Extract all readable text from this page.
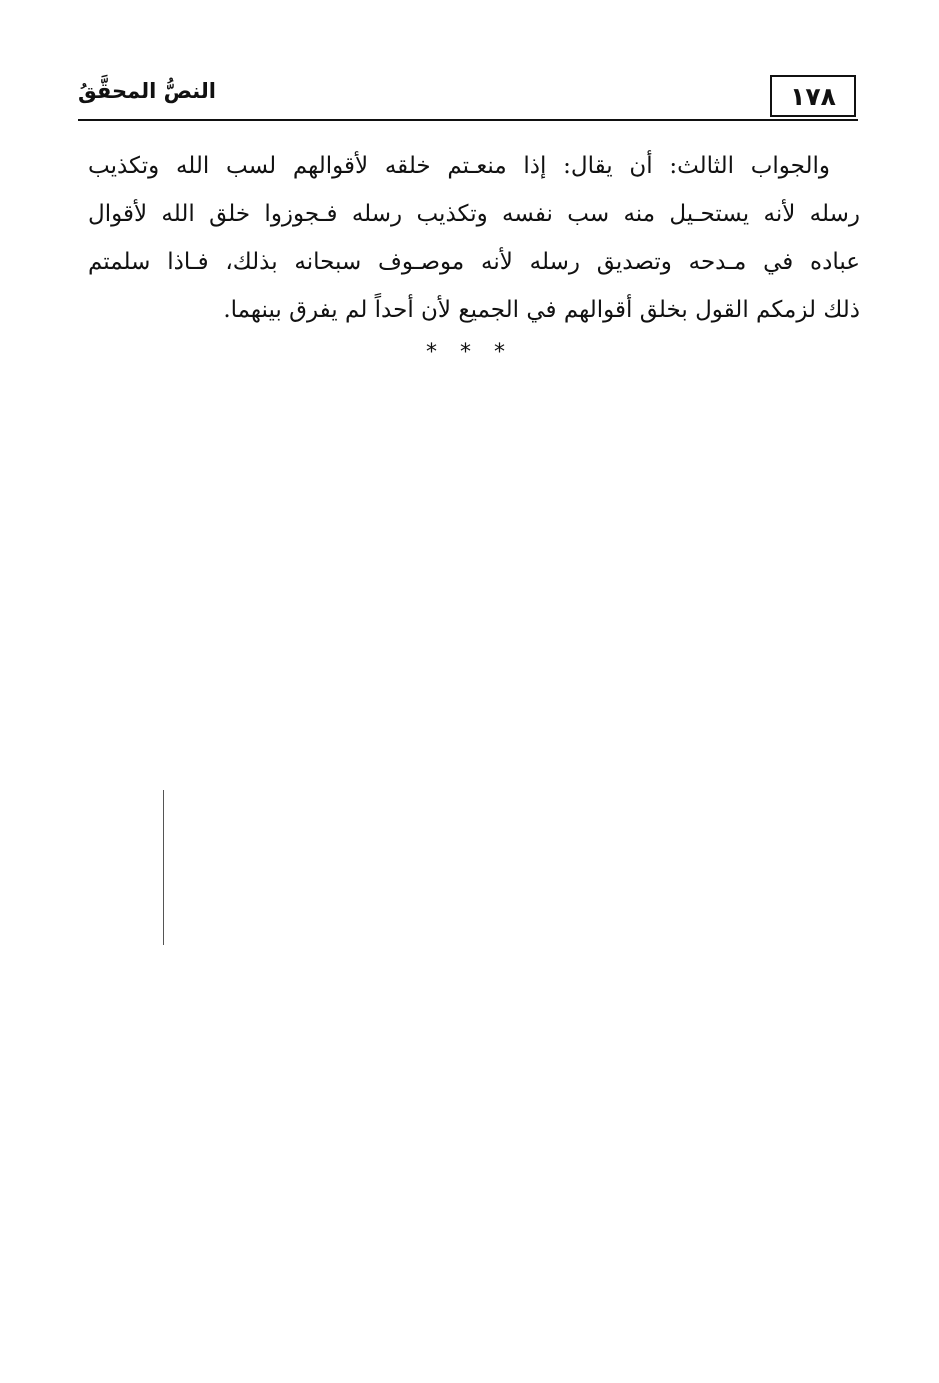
١٧٨
النصُّ المحقَّقُ
والجواب الثالث: أن يقال: إذا منعـتم خلقه لأقوالهم لسب الله وتكذيب
رسله لأنه يستحـيل منه سب نفسه وتكذيب رسله فـجوزوا خلق الله لأقوال
عباده في مـدحه وتصديق رسله لأنه موصـوف سبحانه بذلك، فـاذا سلمتم
ذلك لزمكم القول بخلق أقوالهم في الجميع لأن أحداً لم يفرق بينهما.
* * *
